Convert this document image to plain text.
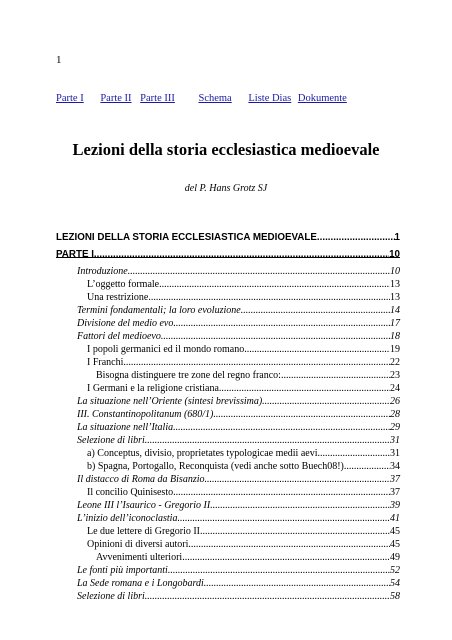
1
Parte I Parte II Parte III Schema Liste Dias Dokumente
Lezioni della storia ecclesiastica medioevale
del P. Hans Grotz SJ
LEZIONI DELLA STORIA ECCLESIASTICA MEDIOEVALE .....	1
PARTE I .....	10
Introduzione .....	10
L’oggetto formale .....	13
Una restrizione .....	13
Termini fondamentali; la loro evoluzione. .....	14
Divisione del medio evo .....	17
Fattori del medioevo .....	18
I popoli germanici ed il mondo romano .....	19
I Franchi .....	22
Bisogna distinguere tre zone del regno franco: .....	23
I Germani e la religione cristiana .....	24
La situazione nell’Oriente (sintesi brevissima). .....	26
III. Constantinopolitanum (680/1) .....	28
La situazione nell’Italia .....	29
Selezione di libri .....	31
a) Conceptus, divisio, proprietates typologicae medii aevi. .....	31
b) Spagna, Portogallo, Reconquista (vedi anche sotto Buech08!) .....	34
Il distacco di Roma da Bisanzio .....	37
Il concilio Quinisesto .....	37
Leone III l’Isaurico - Gregorio II .....	39
L’inizio dell’iconoclastia .....	41
Le due lettere di Gregorio II .....	45
Opinioni di diversi autori .....	45
Avvenimenti ulteriori .....	49
Le fonti più importanti .....	52
La Sede romana e i Longobardi .....	54
Selezione di libri .....	58
